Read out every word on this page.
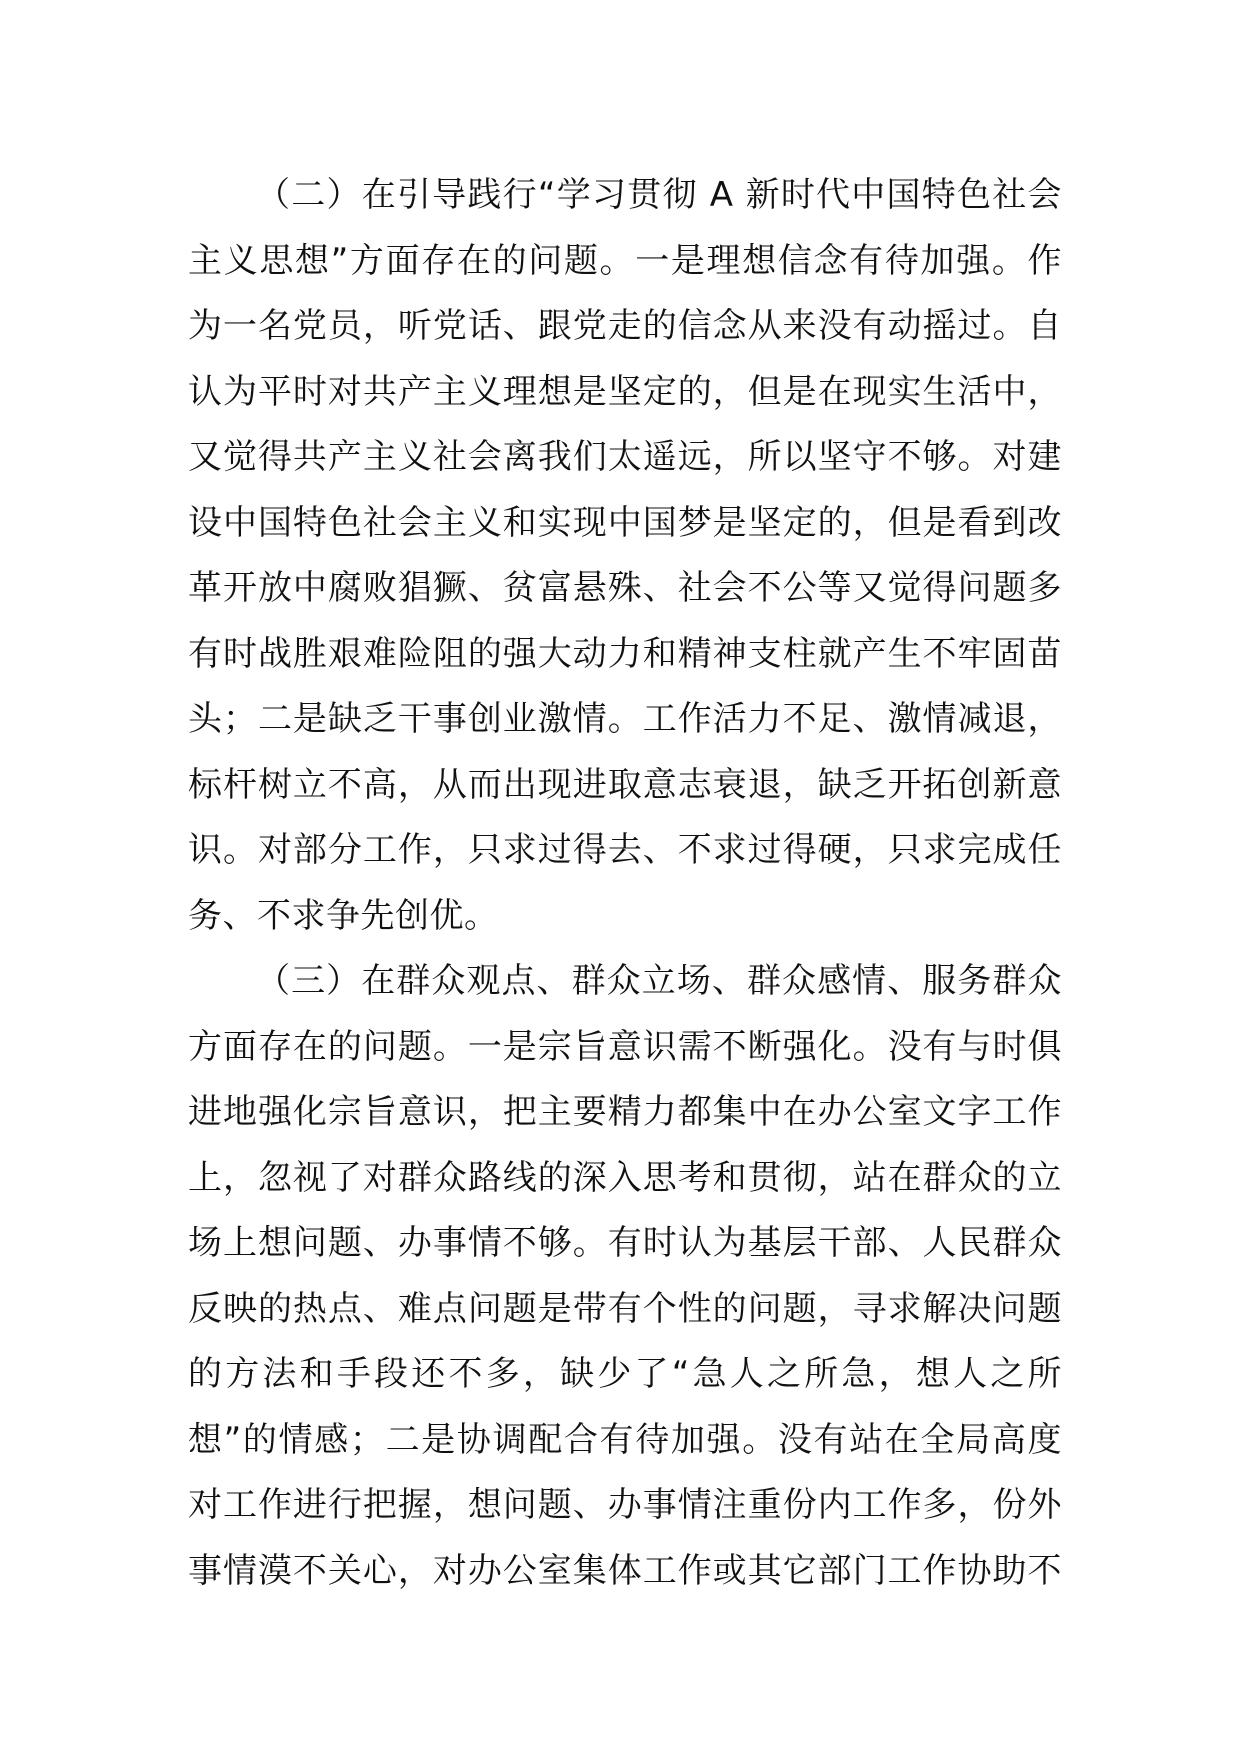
（二）在引导践行“学习贯彻 A 新时代中国特色社会
主义思想”方面存在的问题。一是理想信念有待加强。作
为一名党员，听党话、跟党走的信念从来没有动摇过。自
认为平时对共产主义理想是坚定的，但是在现实生活中，
又觉得共产主义社会离我们太遥远，所以坚守不够。对建
设中国特色社会主义和实现中国梦是坚定的，但是看到改
革开放中腐败猖獗、贫富悬殊、社会不公等又觉得问题多
有时战胜艰难险阻的强大动力和精神支柱就产生不牢固苗
头；二是缺乏干事创业激情。工作活力不足、激情减退，
标杆树立不高，从而出现进取意志衰退，缺乏开拓创新意
识。对部分工作，只求过得去、不求过得硬，只求完成任
务、不求争先创优。
（三）在群众观点、群众立场、群众感情、服务群众
方面存在的问题。一是宗旨意识需不断强化。没有与时俱
进地强化宗旨意识，把主要精力都集中在办公室文字工作
上，忽视了对群众路线的深入思考和贯彻，站在群众的立
场上想问题、办事情不够。有时认为基层干部、人民群众
反映的热点、难点问题是带有个性的问题，寻求解决问题
的方法和手段还不多，缺少了“急人之所急，想人之所
想”的情感；二是协调配合有待加强。没有站在全局高度
对工作进行把握，想问题、办事情注重份内工作多，份外
事情漠不关心，对办公室集体工作或其它部门工作协助不
